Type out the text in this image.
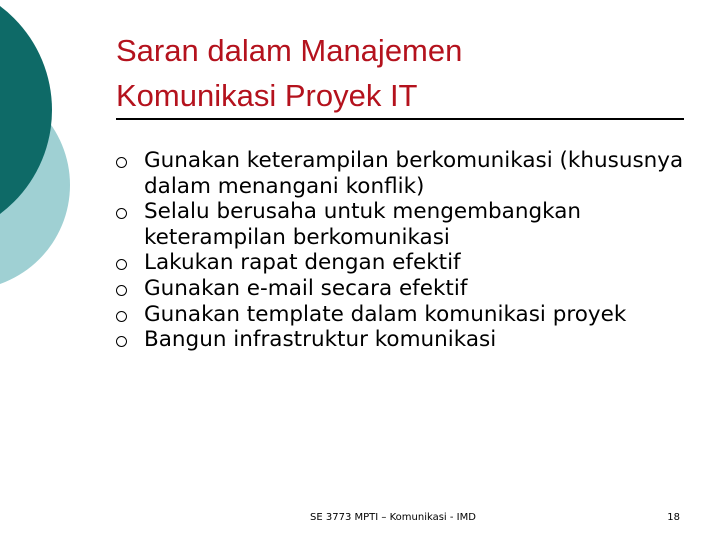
Saran dalam Manajemen
Komunikasi Proyek IT
Gunakan keterampilan berkomunikasi (khususnya dalam menangani konflik)
Selalu berusaha untuk mengembangkan keterampilan berkomunikasi
Lakukan rapat dengan efektif
Gunakan e-mail secara efektif
Gunakan template dalam komunikasi proyek
Bangun infrastruktur komunikasi
SE 3773 MPTI – Komunikasi - IMD	18
